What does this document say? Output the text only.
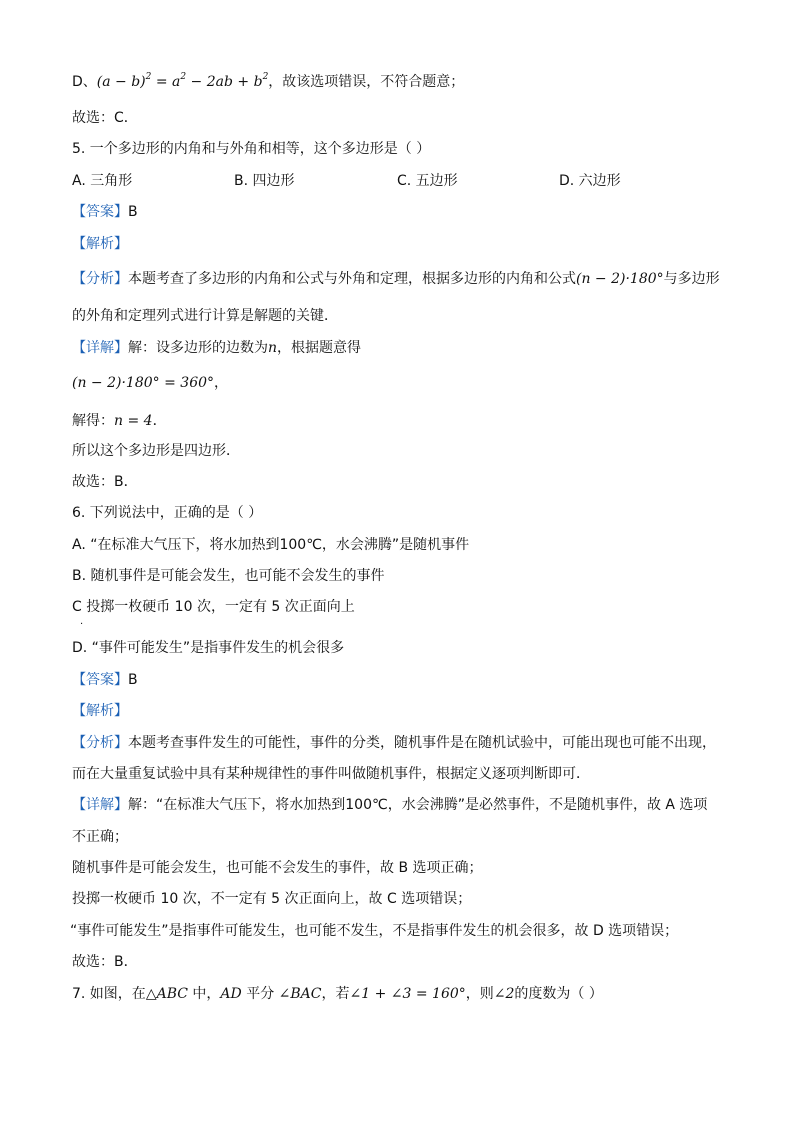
D、$(a - b)^2 = a^2 - 2ab + b^2$，故该选项错误，不符合题意；
故选：C．
5. 一个多边形的内角和与外角和相等，这个多边形是（ ）
A. 三角形	B. 四边形	C. 五边形	D. 六边形
【答案】B
【解析】
【分析】本题考查了多边形的内角和公式与外角和定理，根据多边形的内角和公式(n − 2)·180°与多边形
的外角和定理列式进行计算是解题的关键．
【详解】解：设多边形的边数为n，根据题意得
(n − 2)·180° = 360°，
解得：n = 4．
所以这个多边形是四边形．
故选：B．
6. 下列说法中，正确的是（ ）
A. “在标准大气压下，将水加热到100℃，水会沸腾”是随机事件
B. 随机事件是可能会发生，也可能不会发生的事件
C 投掷一枚硬币 10 次，一定有 5 次正面向上
·
D. “事件可能发生”是指事件发生的机会很多
【答案】B
【解析】
【分析】本题考查事件发生的可能性，事件的分类，随机事件是在随机试验中，可能出现也可能不出现，
而在大量重复试验中具有某种规律性的事件叫做随机事件，根据定义逐项判断即可．
【详解】解：“在标准大气压下，将水加热到100℃，水会沸腾”是必然事件，不是随机事件，故 A 选项
不正确；
随机事件是可能会发生，也可能不会发生的事件，故 B 选项正确；
投掷一枚硬币 10 次，不一定有 5 次正面向上，故 C 选项错误；
“事件可能发生”是指事件可能发生，也可能不发生，不是指事件发生的机会很多，故 D 选项错误；
故选：B．
7. 如图，在△ABC 中，AD 平分 ∠BAC，若∠1 + ∠3 = 160°，则∠2的度数为（ ）
